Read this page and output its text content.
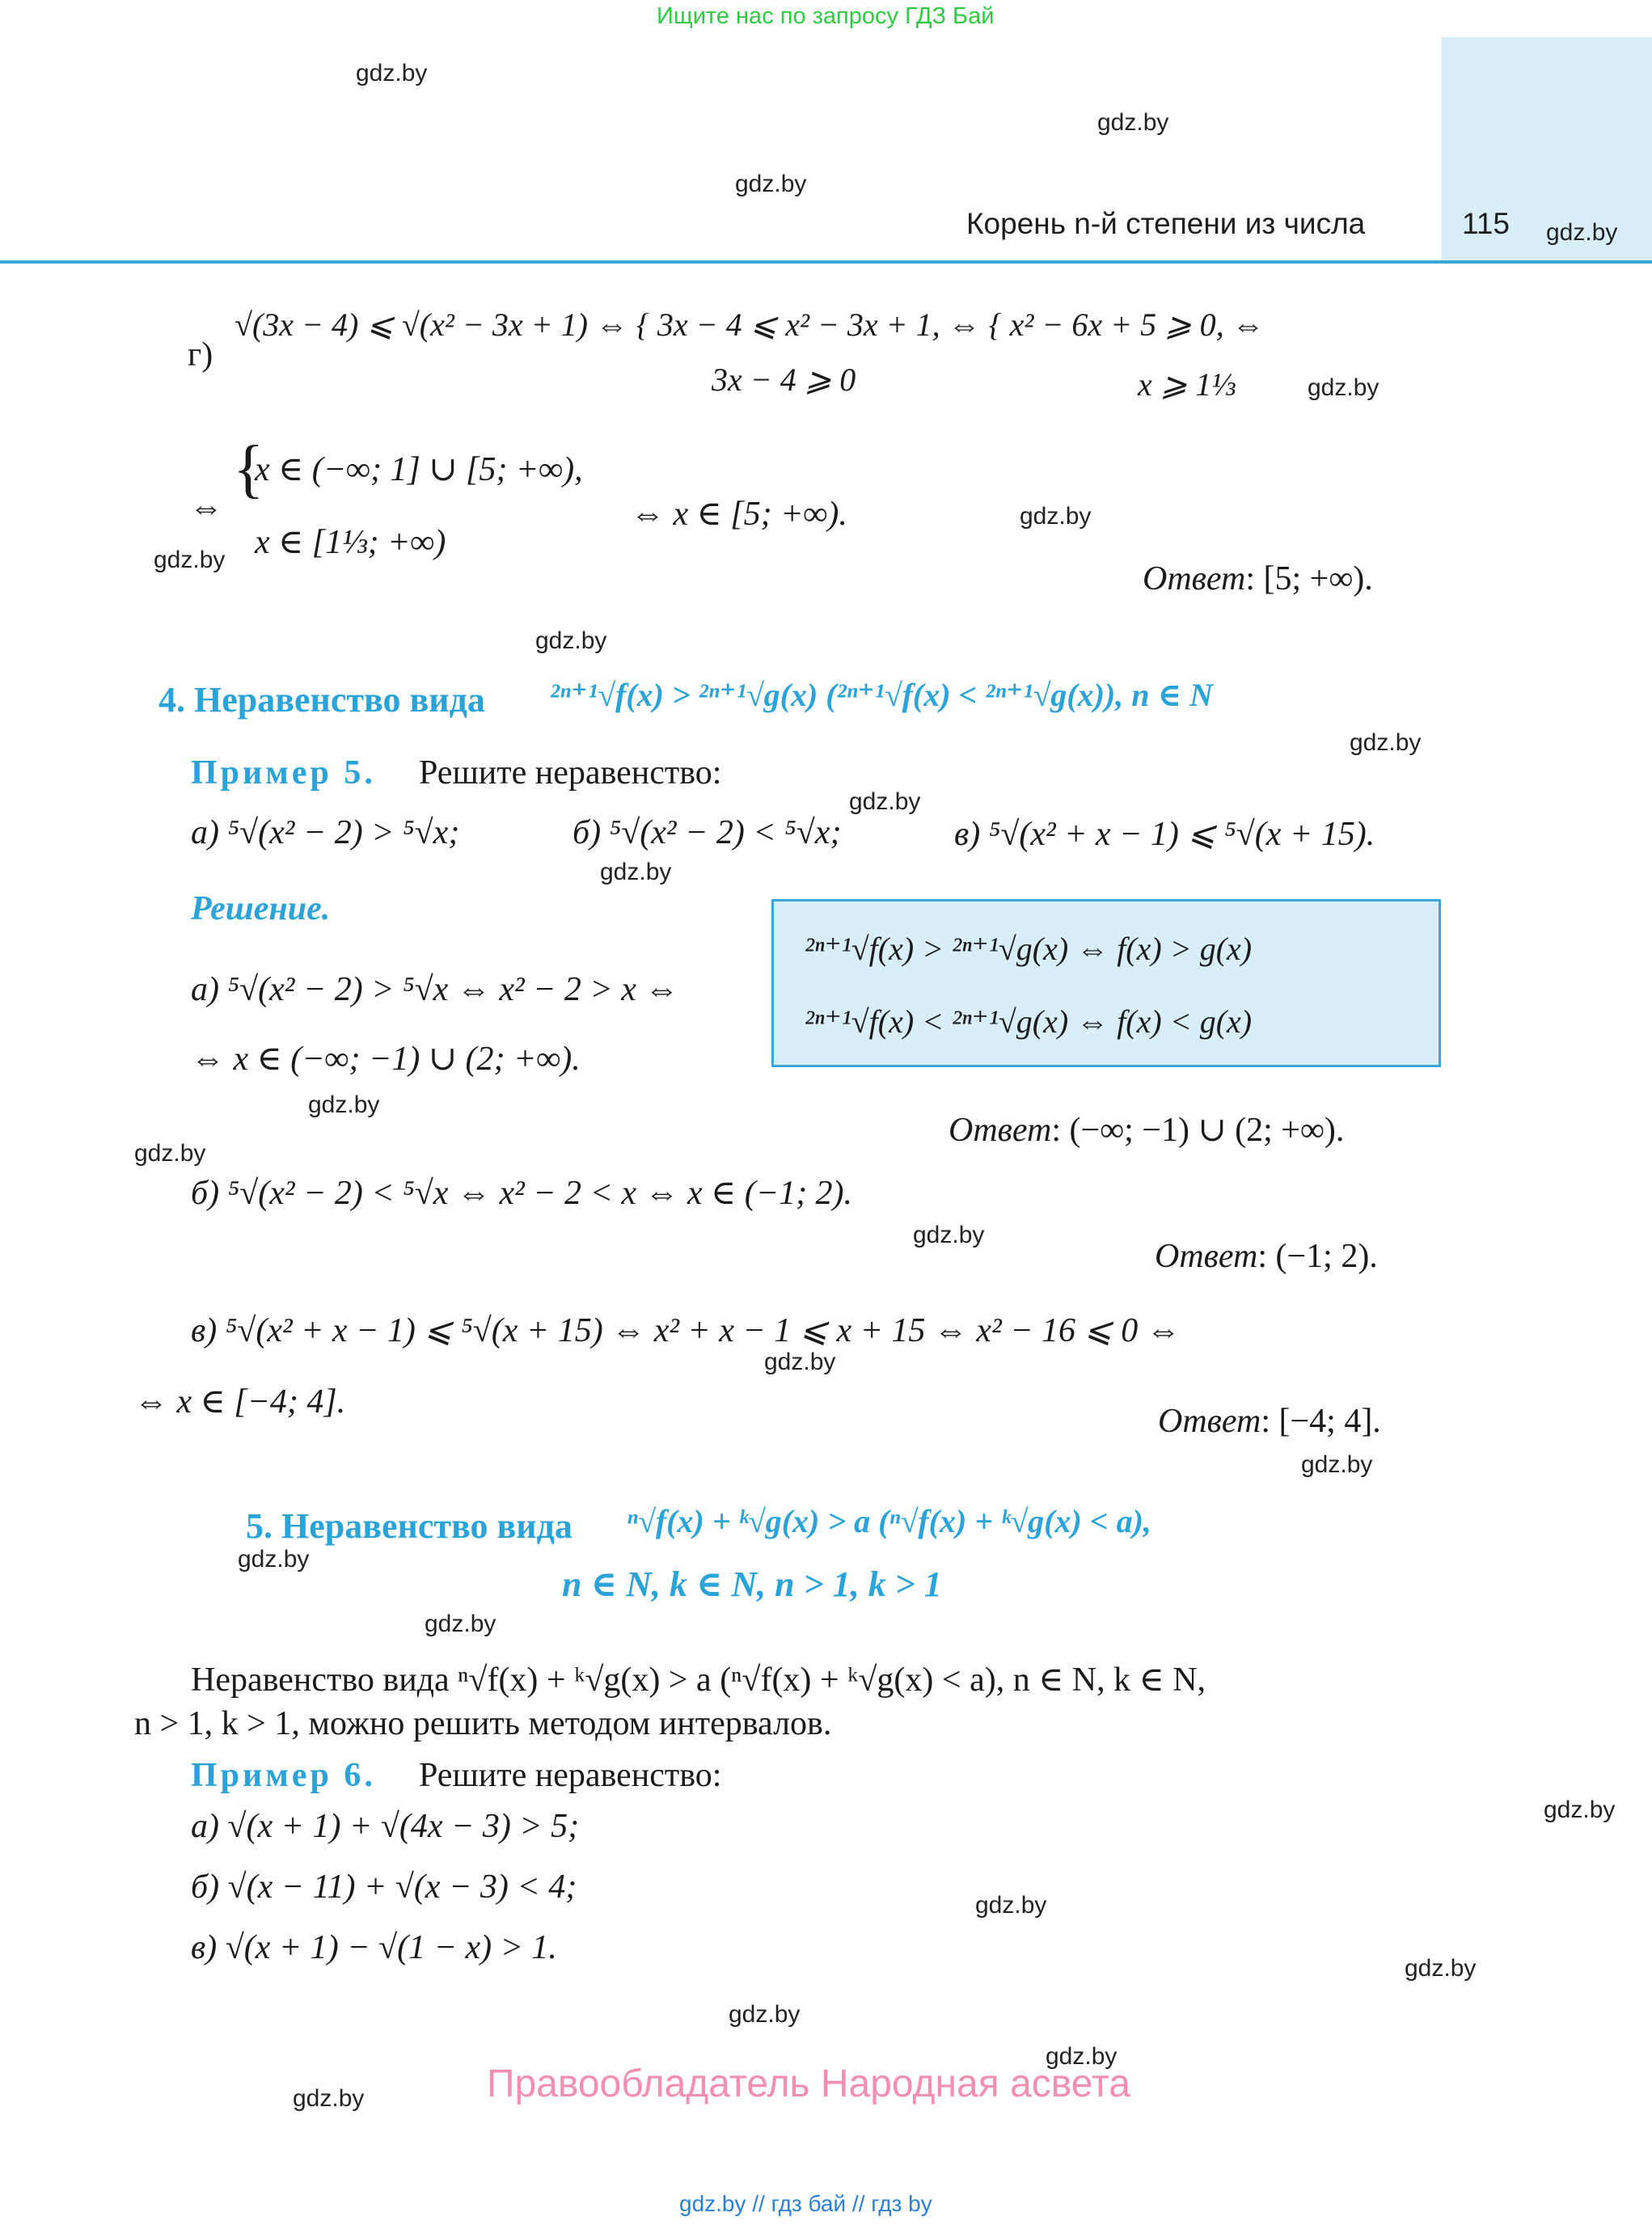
Ищите нас по запросу ГДЗ Бай
Корень n-й степени из числа	115
gdz.by
gdz.by
gdz.by
gdz.by
gdz.by
gdz.by
gdz.by
gdz.by
gdz.by
gdz.by
gdz.by
gdz.by
gdz.by
gdz.by
gdz.by
gdz.by
gdz.by
gdz.by
gdz.by
gdz.by
gdz.by
gdz.by
gdz.by
gdz.by
г)
√(3x − 4) ⩽ √(x² − 3x + 1) ⇔ { 3x − 4 ⩽ x² − 3x + 1, ⇔ { x² − 6x + 5 ⩾ 0, ⇔
3x − 4 ⩾ 0	x ⩾ 1⅓
⇔
{
x ∈ (−∞; 1] ∪ [5; +∞),
x ∈ [1⅓; +∞)
⇔ x ∈ [5; +∞).
Ответ: [5; +∞).
4. Неравенство вида ²ⁿ⁺¹√f(x) > ²ⁿ⁺¹√g(x) (²ⁿ⁺¹√f(x) < ²ⁿ⁺¹√g(x)), n ∈ N
Пример 5. Решите неравенство:
а) ⁵√(x² − 2) > ⁵√x;	б) ⁵√(x² − 2) < ⁵√x;	в) ⁵√(x² + x − 1) ⩽ ⁵√(x + 15).
Решение.
²ⁿ⁺¹√f(x) > ²ⁿ⁺¹√g(x) ⇔ f(x) > g(x)
²ⁿ⁺¹√f(x) < ²ⁿ⁺¹√g(x) ⇔ f(x) < g(x)
а) ⁵√(x² − 2) > ⁵√x ⇔ x² − 2 > x ⇔
⇔ x ∈ (−∞; −1) ∪ (2; +∞).
Ответ: (−∞; −1) ∪ (2; +∞).
б) ⁵√(x² − 2) < ⁵√x ⇔ x² − 2 < x ⇔ x ∈ (−1; 2).
Ответ: (−1; 2).
в) ⁵√(x² + x − 1) ⩽ ⁵√(x + 15) ⇔ x² + x − 1 ⩽ x + 15 ⇔ x² − 16 ⩽ 0 ⇔
⇔ x ∈ [−4; 4].
Ответ: [−4; 4].
5. Неравенство вида ⁿ√f(x) + ᵏ√g(x) > a (ⁿ√f(x) + ᵏ√g(x) < a),
n ∈ N, k ∈ N, n > 1, k > 1
Неравенство вида ⁿ√f(x) + ᵏ√g(x) > a (ⁿ√f(x) + ᵏ√g(x) < a), n ∈ N, k ∈ N,
n > 1, k > 1, можно решить методом интервалов.
Пример 6. Решите неравенство:
а) √(x + 1) + √(4x − 3) > 5;
б) √(x − 11) + √(x − 3) < 4;
в) √(x + 1) − √(1 − x) > 1.
Правообладатель Народная асвета
gdz.by // гдз бай // гдз by
